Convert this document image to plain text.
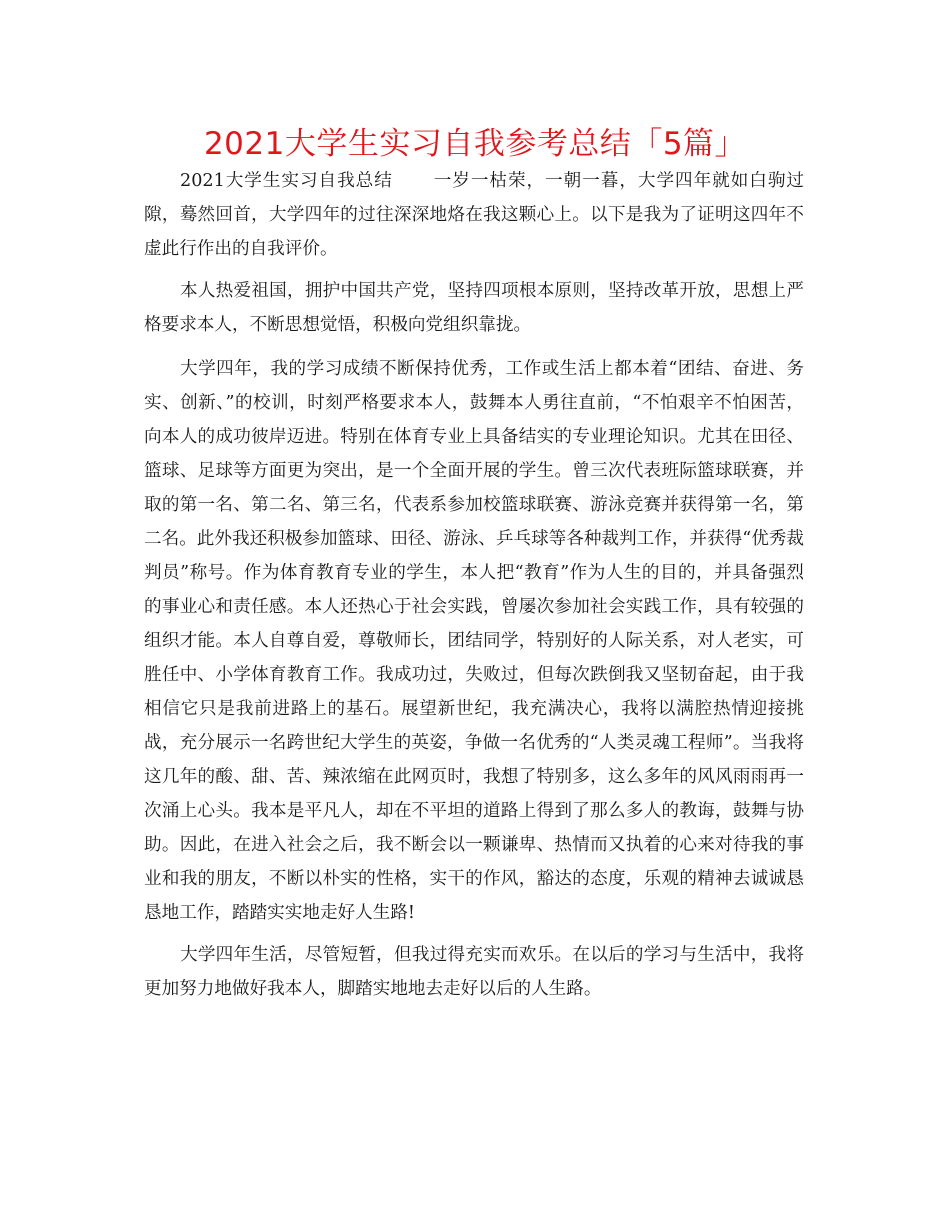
2021大学生实习自我参考总结「5篇」

2021大学生实习自我总结 一岁一枯荣，一朝一暮，大学四年就如白驹过隙，蓦然回首，大学四年的过往深深地烙在我这颗心上。以下是我为了证明这四年不虚此行作出的自我评价。

本人热爱祖国，拥护中国共产党，坚持四项根本原则，坚持改革开放，思想上严格要求本人，不断思想觉悟，积极向党组织靠拢。

大学四年，我的学习成绩不断保持优秀，工作或生活上都本着“团结、奋进、务实、创新、”的校训，时刻严格要求本人，鼓舞本人勇往直前，“不怕艰辛不怕困苦，向本人的成功彼岸迈进。特别在体育专业上具备结实的专业理论知识。尤其在田径、篮球、足球等方面更为突出，是一个全面开展的学生。曾三次代表班际篮球联赛，并取的第一名、第二名、第三名，代表系参加校篮球联赛、游泳竞赛并获得第一名，第二名。此外我还积极参加篮球、田径、游泳、乒乓球等各种裁判工作，并获得“优秀裁判员”称号。作为体育教育专业的学生，本人把“教育”作为人生的目的，并具备强烈的事业心和责任感。本人还热心于社会实践，曾屡次参加社会实践工作，具有较强的组织才能。本人自尊自爱，尊敬师长，团结同学，特别好的人际关系，对人老实，可胜任中、小学体育教育工作。我成功过，失败过，但每次跌倒我又坚韧奋起，由于我相信它只是我前进路上的基石。展望新世纪，我充满决心，我将以满腔热情迎接挑战，充分展示一名跨世纪大学生的英姿，争做一名优秀的“人类灵魂工程师”。当我将这几年的酸、甜、苦、辣浓缩在此网页时，我想了特别多，这么多年的风风雨雨再一次涌上心头。我本是平凡人，却在不平坦的道路上得到了那么多人的教诲，鼓舞与协助。因此，在进入社会之后，我不断会以一颗谦卑、热情而又执着的心来对待我的事业和我的朋友，不断以朴实的性格，实干的作风，豁达的态度，乐观的精神去诚诚恳恳地工作，踏踏实实地走好人生路!

大学四年生活，尽管短暂，但我过得充实而欢乐。在以后的学习与生活中，我将更加努力地做好我本人，脚踏实地地去走好以后的人生路。
